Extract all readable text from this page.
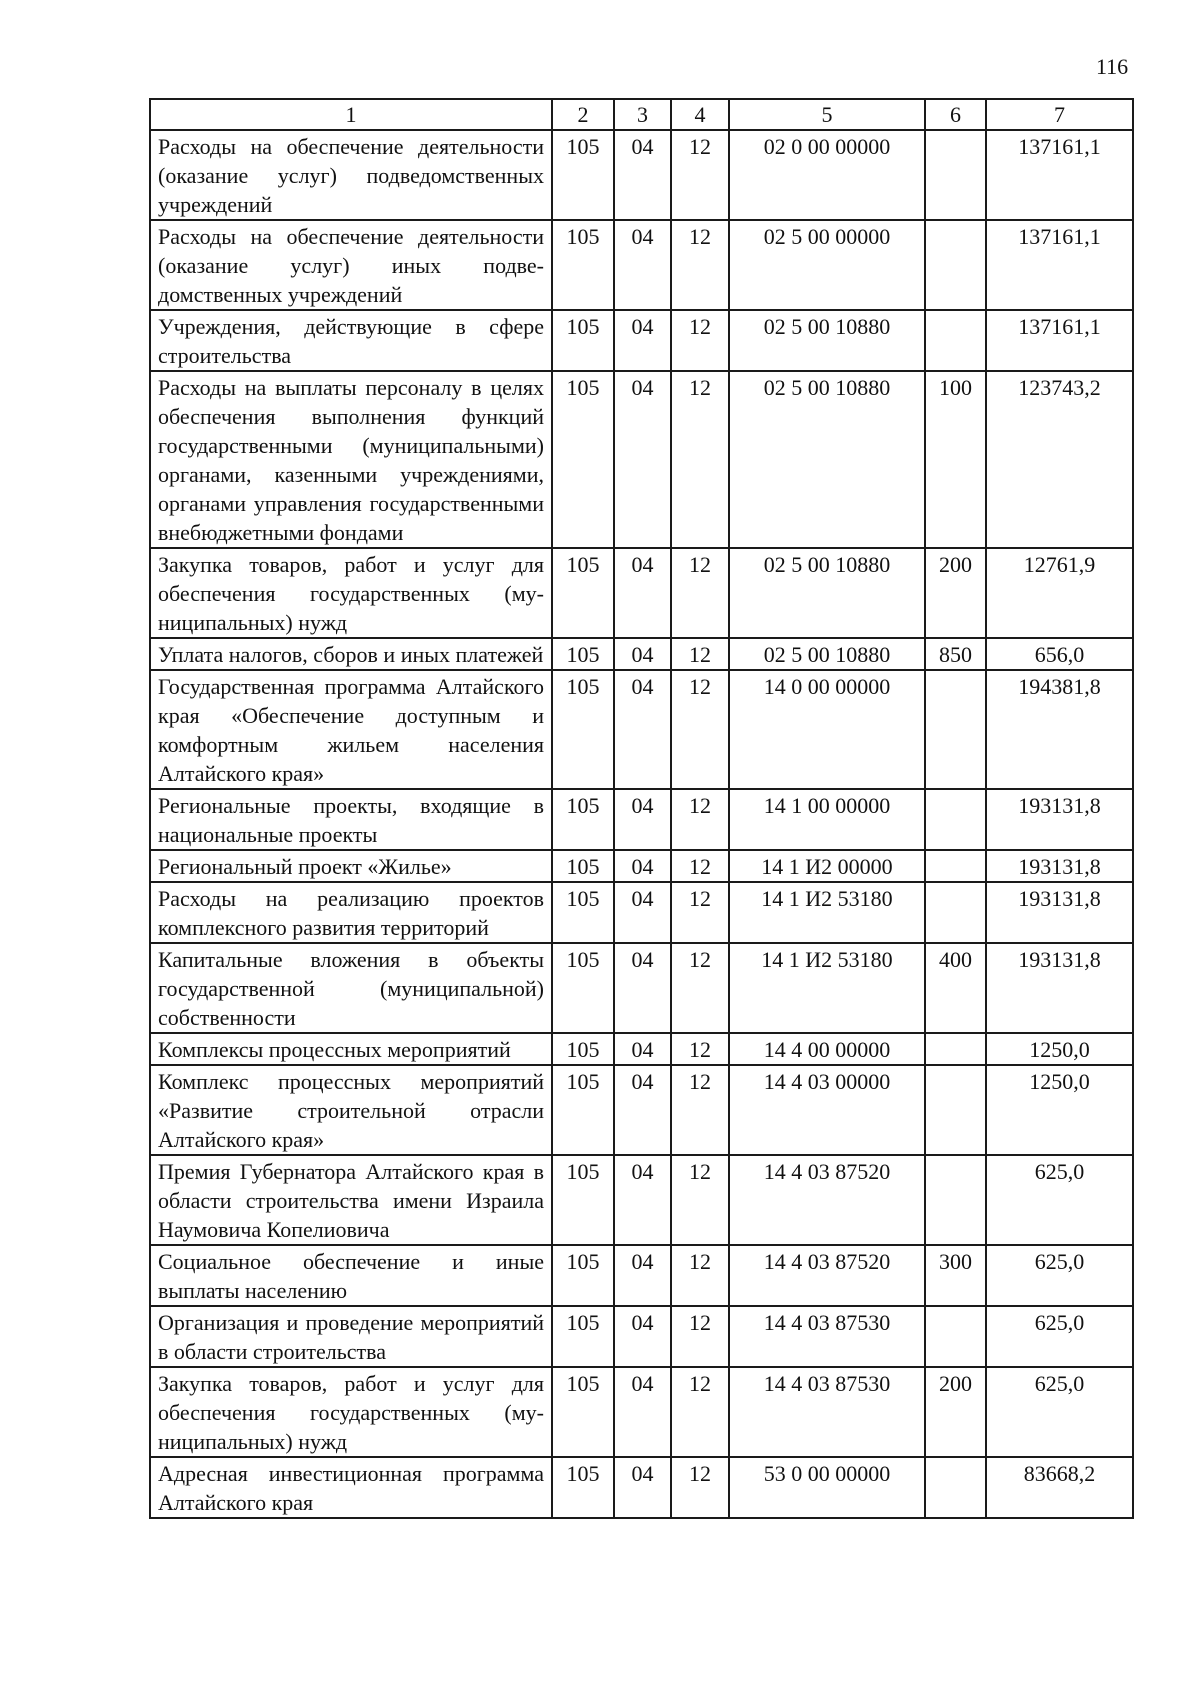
116
1	2	3	4	5	6	7
Расходы на обеспечение деятельности (оказание услуг) подведомственных учреждений	105	04	12	02 0 00 00000		137161,1
Расходы на обеспечение деятельности (оказание услуг) иных подведомственных учреждений	105	04	12	02 5 00 00000		137161,1
Учреждения, действующие в сфере строительства	105	04	12	02 5 00 10880		137161,1
Расходы на выплаты персоналу в целях обеспечения выполнения функций государственными (муниципальными) органами, казенными учреждениями, органами управления государственными внебюджетными фондами	105	04	12	02 5 00 10880	100	123743,2
Закупка товаров, работ и услуг для обеспечения государственных (муниципальных) нужд	105	04	12	02 5 00 10880	200	12761,9
Уплата налогов, сборов и иных платежей	105	04	12	02 5 00 10880	850	656,0
Государственная программа Алтайского края «Обеспечение доступным и комфортным жильем населения Алтайского края»	105	04	12	14 0 00 00000		194381,8
Региональные проекты, входящие в национальные проекты	105	04	12	14 1 00 00000		193131,8
Региональный проект «Жилье»	105	04	12	14 1 И2 00000		193131,8
Расходы на реализацию проектов комплексного развития территорий	105	04	12	14 1 И2 53180		193131,8
Капитальные вложения в объекты государственной (муниципальной) собственности	105	04	12	14 1 И2 53180	400	193131,8
Комплексы процессных мероприятий	105	04	12	14 4 00 00000		1250,0
Комплекс процессных мероприятий «Развитие строительной отрасли Алтайского края»	105	04	12	14 4 03 00000		1250,0
Премия Губернатора Алтайского края в области строительства имени Израила Наумовича Копелиовича	105	04	12	14 4 03 87520		625,0
Социальное обеспечение и иные выплаты населению	105	04	12	14 4 03 87520	300	625,0
Организация и проведение мероприятий в области строительства	105	04	12	14 4 03 87530		625,0
Закупка товаров, работ и услуг для обеспечения государственных (муниципальных) нужд	105	04	12	14 4 03 87530	200	625,0
Адресная инвестиционная программа Алтайского края	105	04	12	53 0 00 00000		83668,2
